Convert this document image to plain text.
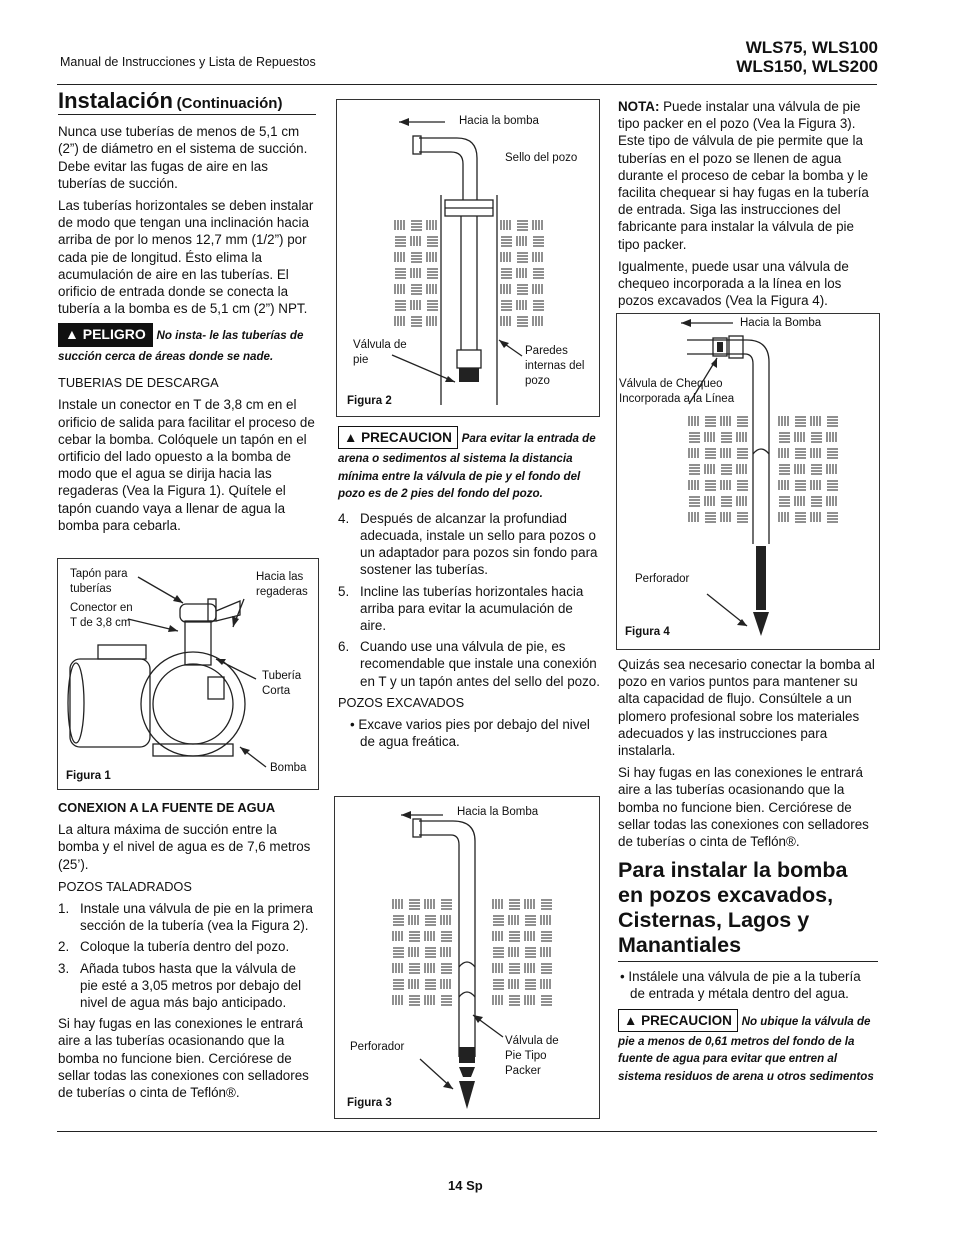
Manual de Instrucciones y Lista de Repuestos
WLS75, WLS100
WLS150, WLS200
Instalación (Continuación)

Nunca use tuberías de menos de 5,1 cm (2”) de diámetro en el sistema de succión. Debe evitar las fugas de aire en las tuberías de succión.

Las tuberías horizontales se deben instalar de modo que tengan una inclinación hacia arriba de por lo menos 12,7 mm (1/2”) por cada pie de longitud. Ésto elima la acumulación de aire en las tuberías. El orificio de entrada donde se conecta la tubería a la bomba es de 5,1 cm (2”) NPT.

▲ PELIGRO No insta- le las tuberías de succión cerca de áreas donde se nade.

TUBERIAS DE DESCARGA

Instale un conector en T de 3,8 cm en el orificio de salida para facilitar el proceso de cebar la bomba. Colóquele un tapón en el ortificio del lado opuesto a la bomba de modo que el agua se dirija hacia las regaderas (Vea la Figura 1). Quítele el tapón cuando vaya a llenar de agua la bomba para cebarla.

Tapón para tuberías
Conector en T de 3,8 cm
Hacia las regaderas
Tubería Corta
Bomba
Figura 1

CONEXION A LA FUENTE DE AGUA

La altura máxima de succión entre la bomba y el nivel de agua es de 7,6 metros (25’).

POZOS TALADRADOS

1. Instale una válvula de pie en la primera sección de la tubería (vea la Figura 2).
2. Coloque la tubería dentro del pozo.
3. Añada tubos hasta que la válvula de pie esté a 3,05 metros por debajo del nivel de agua más bajo anticipado.

Si hay fugas en las conexiones le entrará aire a las tuberías ocasionando que la bomba no funcione bien. Cerciórese de sellar todas las conexiones con selladores de tuberías o cinta de Teflón®.

Hacia la bomba
Sello del pozo
Válvula de pie
Paredes internas del pozo
Figura 2
▲ PRECAUCION Para evitar la entrada de arena o sedimentos al sistema la distancia mínima entre la válvula de pie y el fondo del pozo es de 2 pies del fondo del pozo.
4. Después de alcanzar la profundiad adecuada, instale un sello para pozos o un adaptador para pozos sin fondo para sostener las tuberías.
5. Incline las tuberías horizontales hacia arriba para evitar la acumulación de aire.
6. Cuando use una válvula de pie, es recomendable que instale una conexión en T y un tapón antes del sello del pozo.

POZOS EXCAVADOS

• Excave varios pies por debajo del nivel de agua freática.

Hacia la Bomba
Perforador	Válvula de Pie Tipo Packer
Figura 3

NOTA: Puede instalar una válvula de pie tipo packer en el pozo (Vea la Figura 3). Este tipo de válvula de pie permite que la tuberías en el pozo se llenen de agua durante el proceso de cebar la bomba y le facilita chequear si hay fugas en la tubería de entrada. Siga las instrucciones del fabricante para instalar la válvula de pie tipo packer.

Igualmente, puede usar una válvula de chequeo incorporada a la línea en los pozos excavados (Vea la Figura 4).

Hacia la Bomba
Válvula de Chequeo Incorporada a la Línea
Perforador
Figura 4

Quizás sea necesario conectar la bomba al pozo en varios puntos para mantener su alta capacidad de flujo. Consúltele a un plomero profesional sobre los materiales adecuados y las instrucciones para instalarla.

Si hay fugas en las conexiones le entrará aire a las tuberías ocasionando que la bomba no funcione bien. Cerciórese de sellar todas las conexiones con selladores de tuberías o cinta de Teflón®.

Para instalar la bomba en pozos excavados, Cisternas, Lagos y Manantiales

• Instálele una válvula de pie a la tubería de entrada y métala dentro del agua.

▲ PRECAUCION No ubique la válvula de pie a menos de 0,61 metros del fondo de la fuente de agua para evitar que entren al sistema residuos de arena u otros sedimentos
14 Sp
